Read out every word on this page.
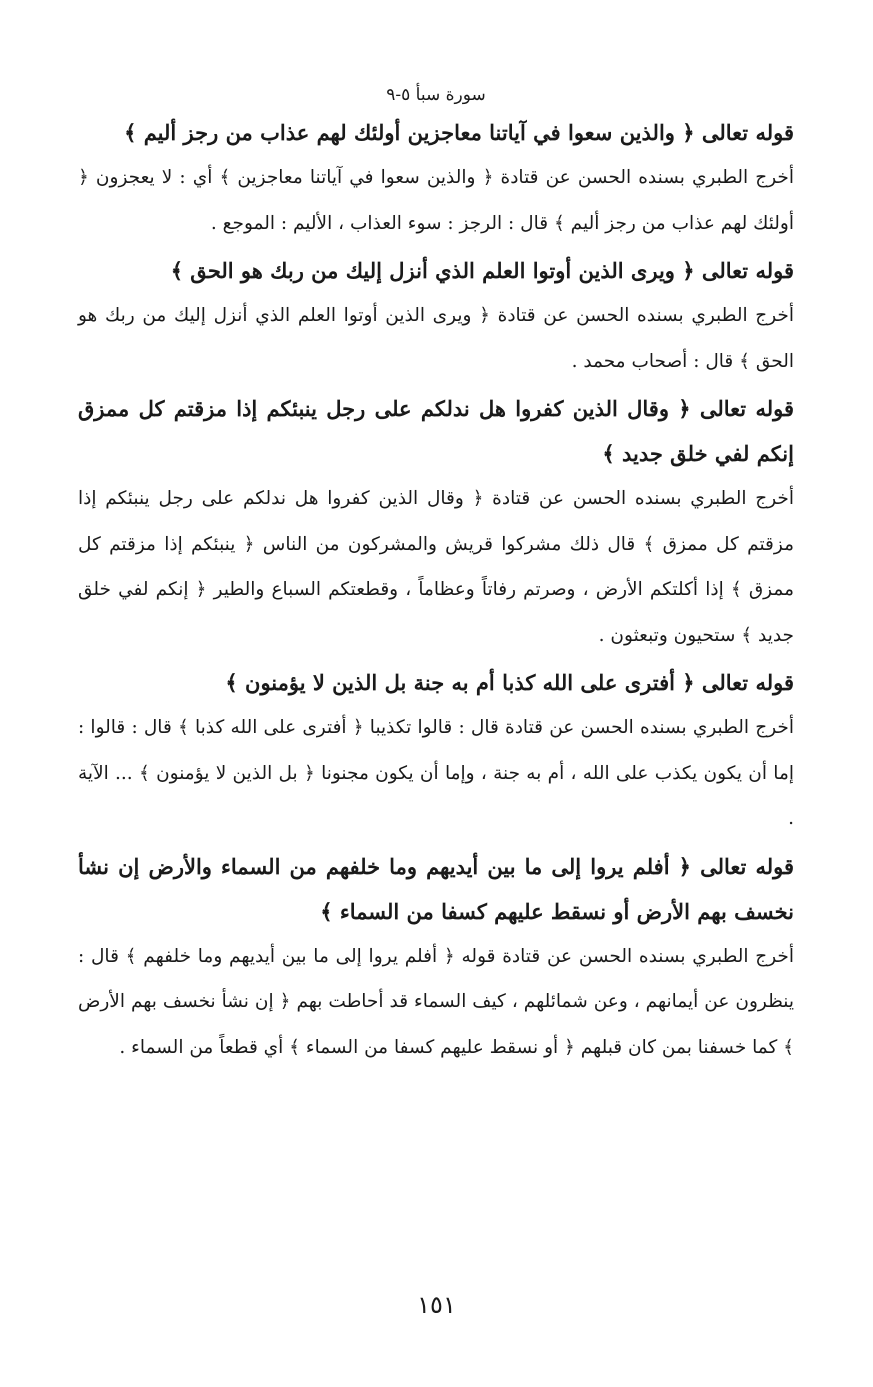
سورة سبأ ٥-٩

قوله تعالى ﴿ والذين سعوا في آياتنا معاجزين أولئك لهم عذاب من رجز أليم ﴾

أخرج الطبري بسنده الحسن عن قتادة ﴿ والذين سعوا في آياتنا معاجزين ﴾ أي : لا يعجزون ﴿ أولئك لهم عذاب من رجز أليم ﴾ قال : الرجز : سوء العذاب ، الأليم : الموجع .

قوله تعالى ﴿ ويرى الذين أوتوا العلم الذي أنزل إليك من ربك هو الحق ﴾

أخرج الطبري بسنده الحسن عن قتادة ﴿ ويرى الذين أوتوا العلم الذي أنزل إليك من ربك هو الحق ﴾ قال : أصحاب محمد .

قوله تعالى ﴿ وقال الذين كفروا هل ندلكم على رجل ينبئكم إذا مزقتم كل ممزق إنكم لفي خلق جديد ﴾

أخرج الطبري بسنده الحسن عن قتادة ﴿ وقال الذين كفروا هل ندلكم على رجل ينبئكم إذا مزقتم كل ممزق ﴾ قال ذلك مشركوا قريش والمشركون من الناس ﴿ ينبئكم إذا مزقتم كل ممزق ﴾ إذا أكلتكم الأرض ، وصرتم رفاتاً وعظاماً ، وقطعتكم السباع والطير ﴿ إنكم لفي خلق جديد ﴾ ستحيون وتبعثون .

قوله تعالى ﴿ أفترى على الله كذبا أم به جنة بل الذين لا يؤمنون ﴾

أخرج الطبري بسنده الحسن عن قتادة قال : قالوا تكذيبا ﴿ أفترى على الله كذبا ﴾ قال : قالوا : إما أن يكون يكذب على الله ، أم به جنة ، وإما أن يكون مجنونا ﴿ بل الذين لا يؤمنون ﴾ ... الآية .

قوله تعالى ﴿ أفلم يروا إلى ما بين أيديهم وما خلفهم من السماء والأرض إن نشأ نخسف بهم الأرض أو نسقط عليهم كسفا من السماء ﴾

أخرج الطبري بسنده الحسن عن قتادة قوله ﴿ أفلم يروا إلى ما بين أيديهم وما خلفهم ﴾ قال : ينظرون عن أيمانهم ، وعن شمائلهم ، كيف السماء قد أحاطت بهم ﴿ إن نشأ نخسف بهم الأرض ﴾ كما خسفنا بمن كان قبلهم ﴿ أو نسقط عليهم كسفا من السماء ﴾ أي قطعاً من السماء .

١٥١
